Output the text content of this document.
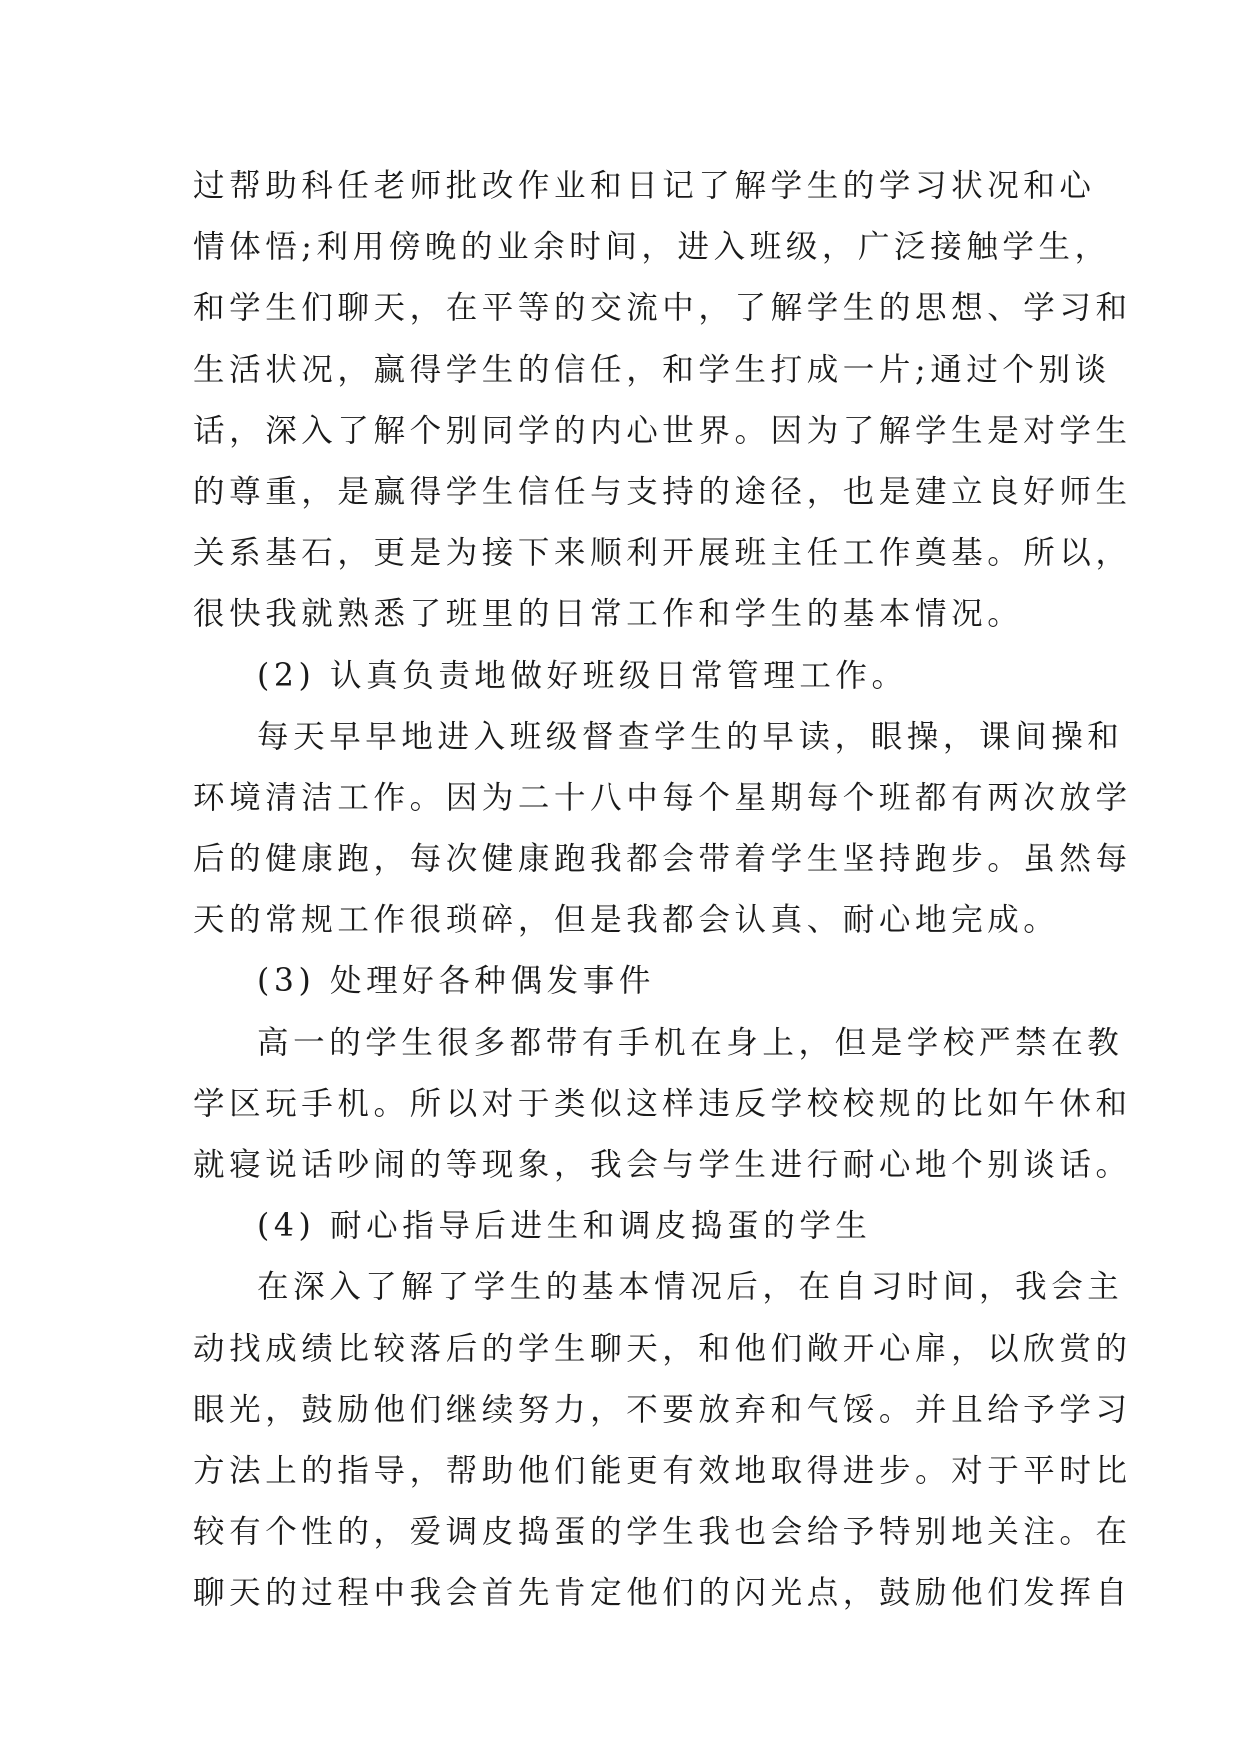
过帮助科任老师批改作业和日记了解学生的学习状况和心
情体悟;利用傍晚的业余时间，进入班级，广泛接触学生，
和学生们聊天，在平等的交流中，了解学生的思想、学习和
生活状况，赢得学生的信任，和学生打成一片;通过个别谈
话，深入了解个别同学的内心世界。因为了解学生是对学生
的尊重，是赢得学生信任与支持的途径，也是建立良好师生
关系基石，更是为接下来顺利开展班主任工作奠基。所以，
很快我就熟悉了班里的日常工作和学生的基本情况。
(2) 认真负责地做好班级日常管理工作。
每天早早地进入班级督查学生的早读，眼操，课间操和
环境清洁工作。因为二十八中每个星期每个班都有两次放学
后的健康跑，每次健康跑我都会带着学生坚持跑步。虽然每
天的常规工作很琐碎，但是我都会认真、耐心地完成。
(3) 处理好各种偶发事件
高一的学生很多都带有手机在身上，但是学校严禁在教
学区玩手机。所以对于类似这样违反学校校规的比如午休和
就寝说话吵闹的等现象，我会与学生进行耐心地个别谈话。
(4) 耐心指导后进生和调皮捣蛋的学生
在深入了解了学生的基本情况后，在自习时间，我会主
动找成绩比较落后的学生聊天，和他们敞开心扉，以欣赏的
眼光，鼓励他们继续努力，不要放弃和气馁。并且给予学习
方法上的指导，帮助他们能更有效地取得进步。对于平时比
较有个性的，爱调皮捣蛋的学生我也会给予特别地关注。在
聊天的过程中我会首先肯定他们的闪光点，鼓励他们发挥自
